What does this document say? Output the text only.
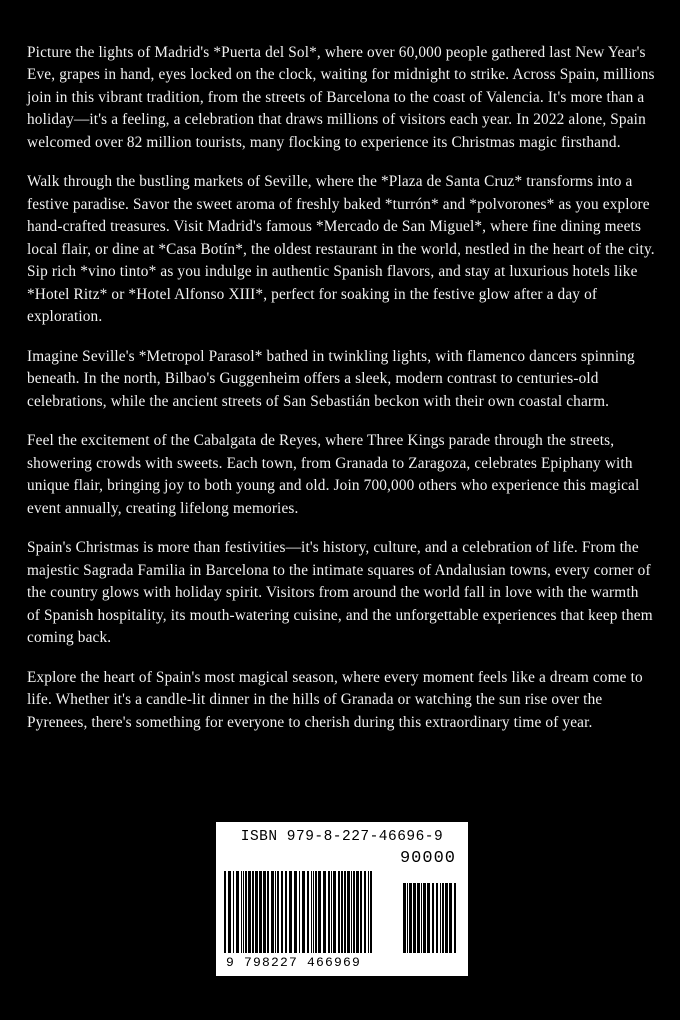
Picture the lights of Madrid's *Puerta del Sol*, where over 60,000 people gathered last New Year's Eve, grapes in hand, eyes locked on the clock, waiting for midnight to strike. Across Spain, millions join in this vibrant tradition, from the streets of Barcelona to the coast of Valencia. It's more than a holiday—it's a feeling, a celebration that draws millions of visitors each year. In 2022 alone, Spain welcomed over 82 million tourists, many flocking to experience its Christmas magic firsthand.

Walk through the bustling markets of Seville, where the *Plaza de Santa Cruz* transforms into a festive paradise. Savor the sweet aroma of freshly baked *turrón* and *polvorones* as you explore hand-crafted treasures. Visit Madrid's famous *Mercado de San Miguel*, where fine dining meets local flair, or dine at *Casa Botín*, the oldest restaurant in the world, nestled in the heart of the city. Sip rich *vino tinto* as you indulge in authentic Spanish flavors, and stay at luxurious hotels like *Hotel Ritz* or *Hotel Alfonso XIII*, perfect for soaking in the festive glow after a day of exploration.

Imagine Seville's *Metropol Parasol* bathed in twinkling lights, with flamenco dancers spinning beneath. In the north, Bilbao's Guggenheim offers a sleek, modern contrast to centuries-old celebrations, while the ancient streets of San Sebastián beckon with their own coastal charm.

Feel the excitement of the Cabalgata de Reyes, where Three Kings parade through the streets, showering crowds with sweets. Each town, from Granada to Zaragoza, celebrates Epiphany with unique flair, bringing joy to both young and old. Join 700,000 others who experience this magical event annually, creating lifelong memories.

Spain's Christmas is more than festivities—it's history, culture, and a celebration of life. From the majestic Sagrada Familia in Barcelona to the intimate squares of Andalusian towns, every corner of the country glows with holiday spirit. Visitors from around the world fall in love with the warmth of Spanish hospitality, its mouth-watering cuisine, and the unforgettable experiences that keep them coming back.

Explore the heart of Spain's most magical season, where every moment feels like a dream come to life. Whether it's a candle-lit dinner in the hills of Granada or watching the sun rise over the Pyrenees, there's something for everyone to cherish during this extraordinary time of year.

ISBN 979-8-227-46696-9
90000
9 798227 466969
